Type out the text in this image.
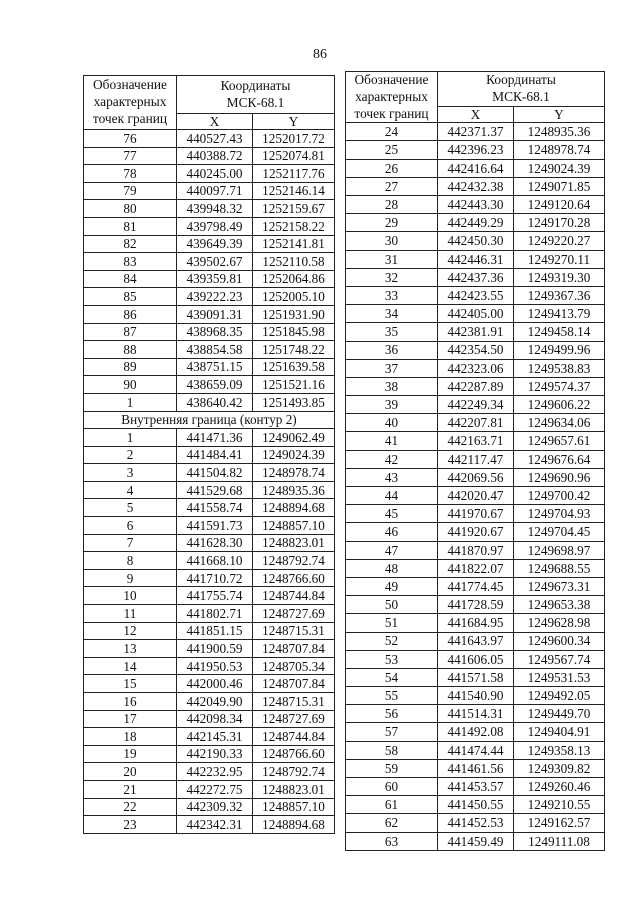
86
Обозначение
характерных
точек границ	Координаты
МСК-68.1	
	X	Y
76	440527.43	1252017.72
77	440388.72	1252074.81
78	440245.00	1252117.76
79	440097.71	1252146.14
80	439948.32	1252159.67
81	439798.49	1252158.22
82	439649.39	1252141.81
83	439502.67	1252110.58
84	439359.81	1252064.86
85	439222.23	1252005.10
86	439091.31	1251931.90
87	438968.35	1251845.98
88	438854.58	1251748.22
89	438751.15	1251639.58
90	438659.09	1251521.16
1	438640.42	1251493.85
Внутренняя граница (контур 2)		
1	441471.36	1249062.49
2	441484.41	1249024.39
3	441504.82	1248978.74
4	441529.68	1248935.36
5	441558.74	1248894.68
6	441591.73	1248857.10
7	441628.30	1248823.01
8	441668.10	1248792.74
9	441710.72	1248766.60
10	441755.74	1248744.84
11	441802.71	1248727.69
12	441851.15	1248715.31
13	441900.59	1248707.84
14	441950.53	1248705.34
15	442000.46	1248707.84
16	442049.90	1248715.31
17	442098.34	1248727.69
18	442145.31	1248744.84
19	442190.33	1248766.60
20	442232.95	1248792.74
21	442272.75	1248823.01
22	442309.32	1248857.10
23	442342.31	1248894.68
Обозначение
характерных
точек границ	Координаты
МСК-68.1	
	X	Y
24	442371.37	1248935.36
25	442396.23	1248978.74
26	442416.64	1249024.39
27	442432.38	1249071.85
28	442443.30	1249120.64
29	442449.29	1249170.28
30	442450.30	1249220.27
31	442446.31	1249270.11
32	442437.36	1249319.30
33	442423.55	1249367.36
34	442405.00	1249413.79
35	442381.91	1249458.14
36	442354.50	1249499.96
37	442323.06	1249538.83
38	442287.89	1249574.37
39	442249.34	1249606.22
40	442207.81	1249634.06
41	442163.71	1249657.61
42	442117.47	1249676.64
43	442069.56	1249690.96
44	442020.47	1249700.42
45	441970.67	1249704.93
46	441920.67	1249704.45
47	441870.97	1249698.97
48	441822.07	1249688.55
49	441774.45	1249673.31
50	441728.59	1249653.38
51	441684.95	1249628.98
52	441643.97	1249600.34
53	441606.05	1249567.74
54	441571.58	1249531.53
55	441540.90	1249492.05
56	441514.31	1249449.70
57	441492.08	1249404.91
58	441474.44	1249358.13
59	441461.56	1249309.82
60	441453.57	1249260.46
61	441450.55	1249210.55
62	441452.53	1249162.57
63	441459.49	1249111.08
